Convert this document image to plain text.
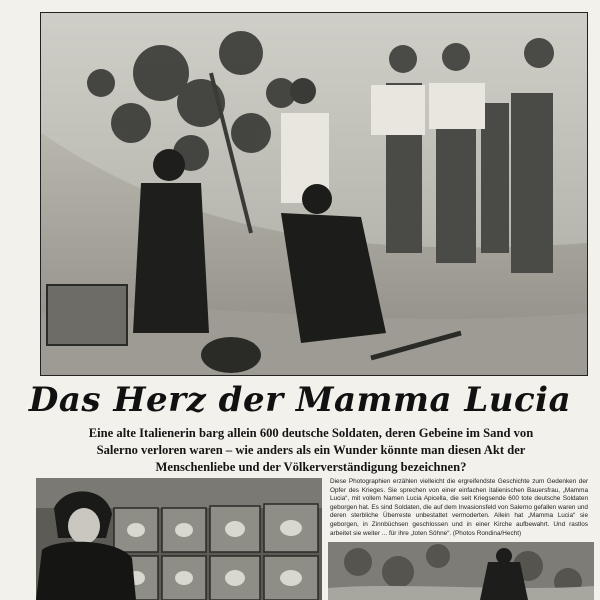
Das Herz der Mamma Lucia
Eine alte Italienerin barg allein 600 deutsche Soldaten, deren Gebeine im Sand von Salerno verloren waren – wie anders als ein Wunder könnte man diesen Akt der Menschenliebe und der Völkerverständigung bezeichnen?
Diese Photographien erzählen vielleicht die ergreifendste Geschichte zum Gedenken der Opfer des Krieges. Sie sprechen von einer einfachen italienischen Bauersfrau, „Mamma Lucia“, mit vollem Namen Lucia Apicella, die seit Kriegsende 600 tote deutsche Soldaten geborgen hat. Es sind Soldaten, die auf dem Invasionsfeld von Salerno gefallen waren und deren sterbliche Überreste unbestattet vermoderten. Allein hat „Mamma Lucia“ sie geborgen, in Zinnbüchsen geschlossen und in einer Kirche aufbewahrt. Und rastlos arbeitet sie weiter ... für ihre „toten Söhne“. (Photos Rondina/Hecht)
